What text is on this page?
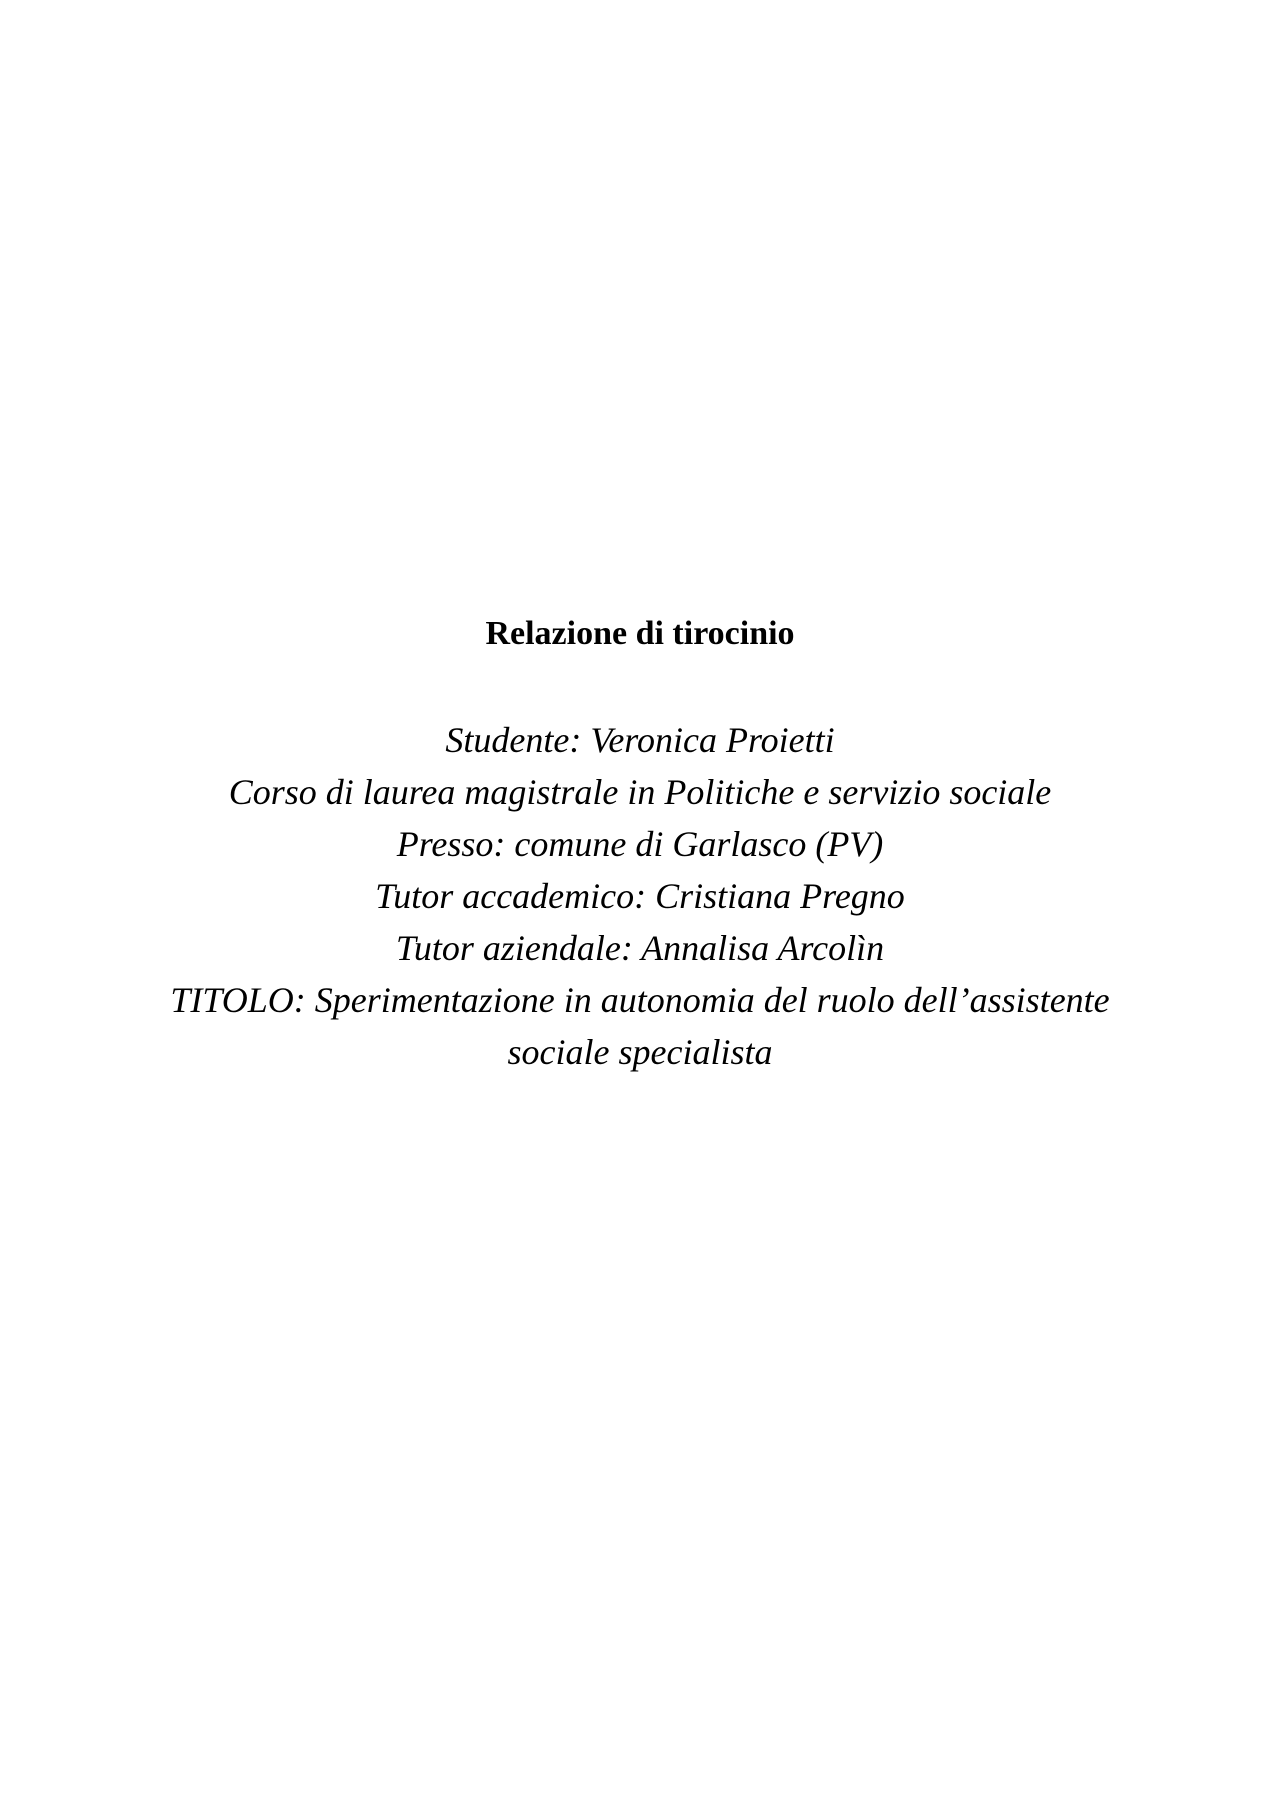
Relazione di tirocinio
Studente: Veronica Proietti
Corso di laurea magistrale in Politiche e servizio sociale
Presso: comune di Garlasco (PV)
Tutor accademico: Cristiana Pregno
Tutor aziendale: Annalisa Arcolìn
TITOLO: Sperimentazione in autonomia del ruolo dell’assistente
sociale specialista
